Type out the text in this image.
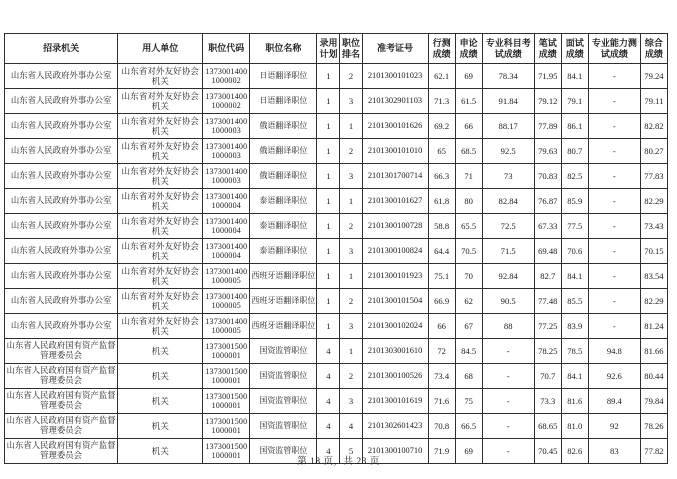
招录机关	用人单位	职位代码	职位名称	录用计划	职位排名	准考证号	行测成绩	申论成绩	专业科目考试成绩	笔试成绩	面试成绩	专业能力测试成绩	综合成绩
山东省人民政府外事办公室	山东省对外友好协会机关	13730014001000002	日语翻译职位	1	2	2101300101023	62.1	69	78.34	71.95	84.1	-	79.24
山东省人民政府外事办公室	山东省对外友好协会机关	13730014001000002	日语翻译职位	1	3	2101302901103	71.3	61.5	91.84	79.12	79.1	-	79.11
山东省人民政府外事办公室	山东省对外友好协会机关	13730014001000003	俄语翻译职位	1	1	2101300101626	69.2	66	88.17	77.89	86.1	-	82.82
山东省人民政府外事办公室	山东省对外友好协会机关	13730014001000003	俄语翻译职位	1	2	2101300101010	65	68.5	92.5	79.63	80.7	-	80.27
山东省人民政府外事办公室	山东省对外友好协会机关	13730014001000003	俄语翻译职位	1	3	2101301700714	66.3	71	73	70.83	82.5	-	77.83
山东省人民政府外事办公室	山东省对外友好协会机关	13730014001000004	泰语翻译职位	1	1	2101300101627	61.8	80	82.84	76.87	85.9	-	82.29
山东省人民政府外事办公室	山东省对外友好协会机关	13730014001000004	泰语翻译职位	1	2	2101300100728	58.8	65.5	72.5	67.33	77.5	-	73.43
山东省人民政府外事办公室	山东省对外友好协会机关	13730014001000004	泰语翻译职位	1	3	2101300100824	64.4	70.5	71.5	69.48	70.6	-	70.15
山东省人民政府外事办公室	山东省对外友好协会机关	13730014001000005	西班牙语翻译职位	1	1	2101300101923	75.1	70	92.84	82.7	84.1	-	83.54
山东省人民政府外事办公室	山东省对外友好协会机关	13730014001000005	西班牙语翻译职位	1	2	2101300101504	66.9	62	90.5	77.48	85.5	-	82.29
山东省人民政府外事办公室	山东省对外友好协会机关	13730014001000005	西班牙语翻译职位	1	3	2101300102024	66	67	88	77.25	83.9	-	81.24
山东省人民政府国有资产监督管理委员会	机关	13730015001000001	国资监管职位	4	1	2101303001610	72	84.5	-	78.25	78.5	94.8	81.66
山东省人民政府国有资产监督管理委员会	机关	13730015001000001	国资监管职位	4	2	2101300100526	73.4	68	-	70.7	84.1	92.6	80.44
山东省人民政府国有资产监督管理委员会	机关	13730015001000001	国资监管职位	4	3	2101300101619	71.6	75	-	73.3	81.6	89.4	79.84
山东省人民政府国有资产监督管理委员会	机关	13730015001000001	国资监管职位	4	4	2101302601423	70.8	66.5	-	68.65	81.0	92	78.26
山东省人民政府国有资产监督管理委员会	机关	13730015001000001	国资监管职位	4	5	2101300100710	71.9	69	-	70.45	82.6	83	77.82
第 18 页，共 23 页
